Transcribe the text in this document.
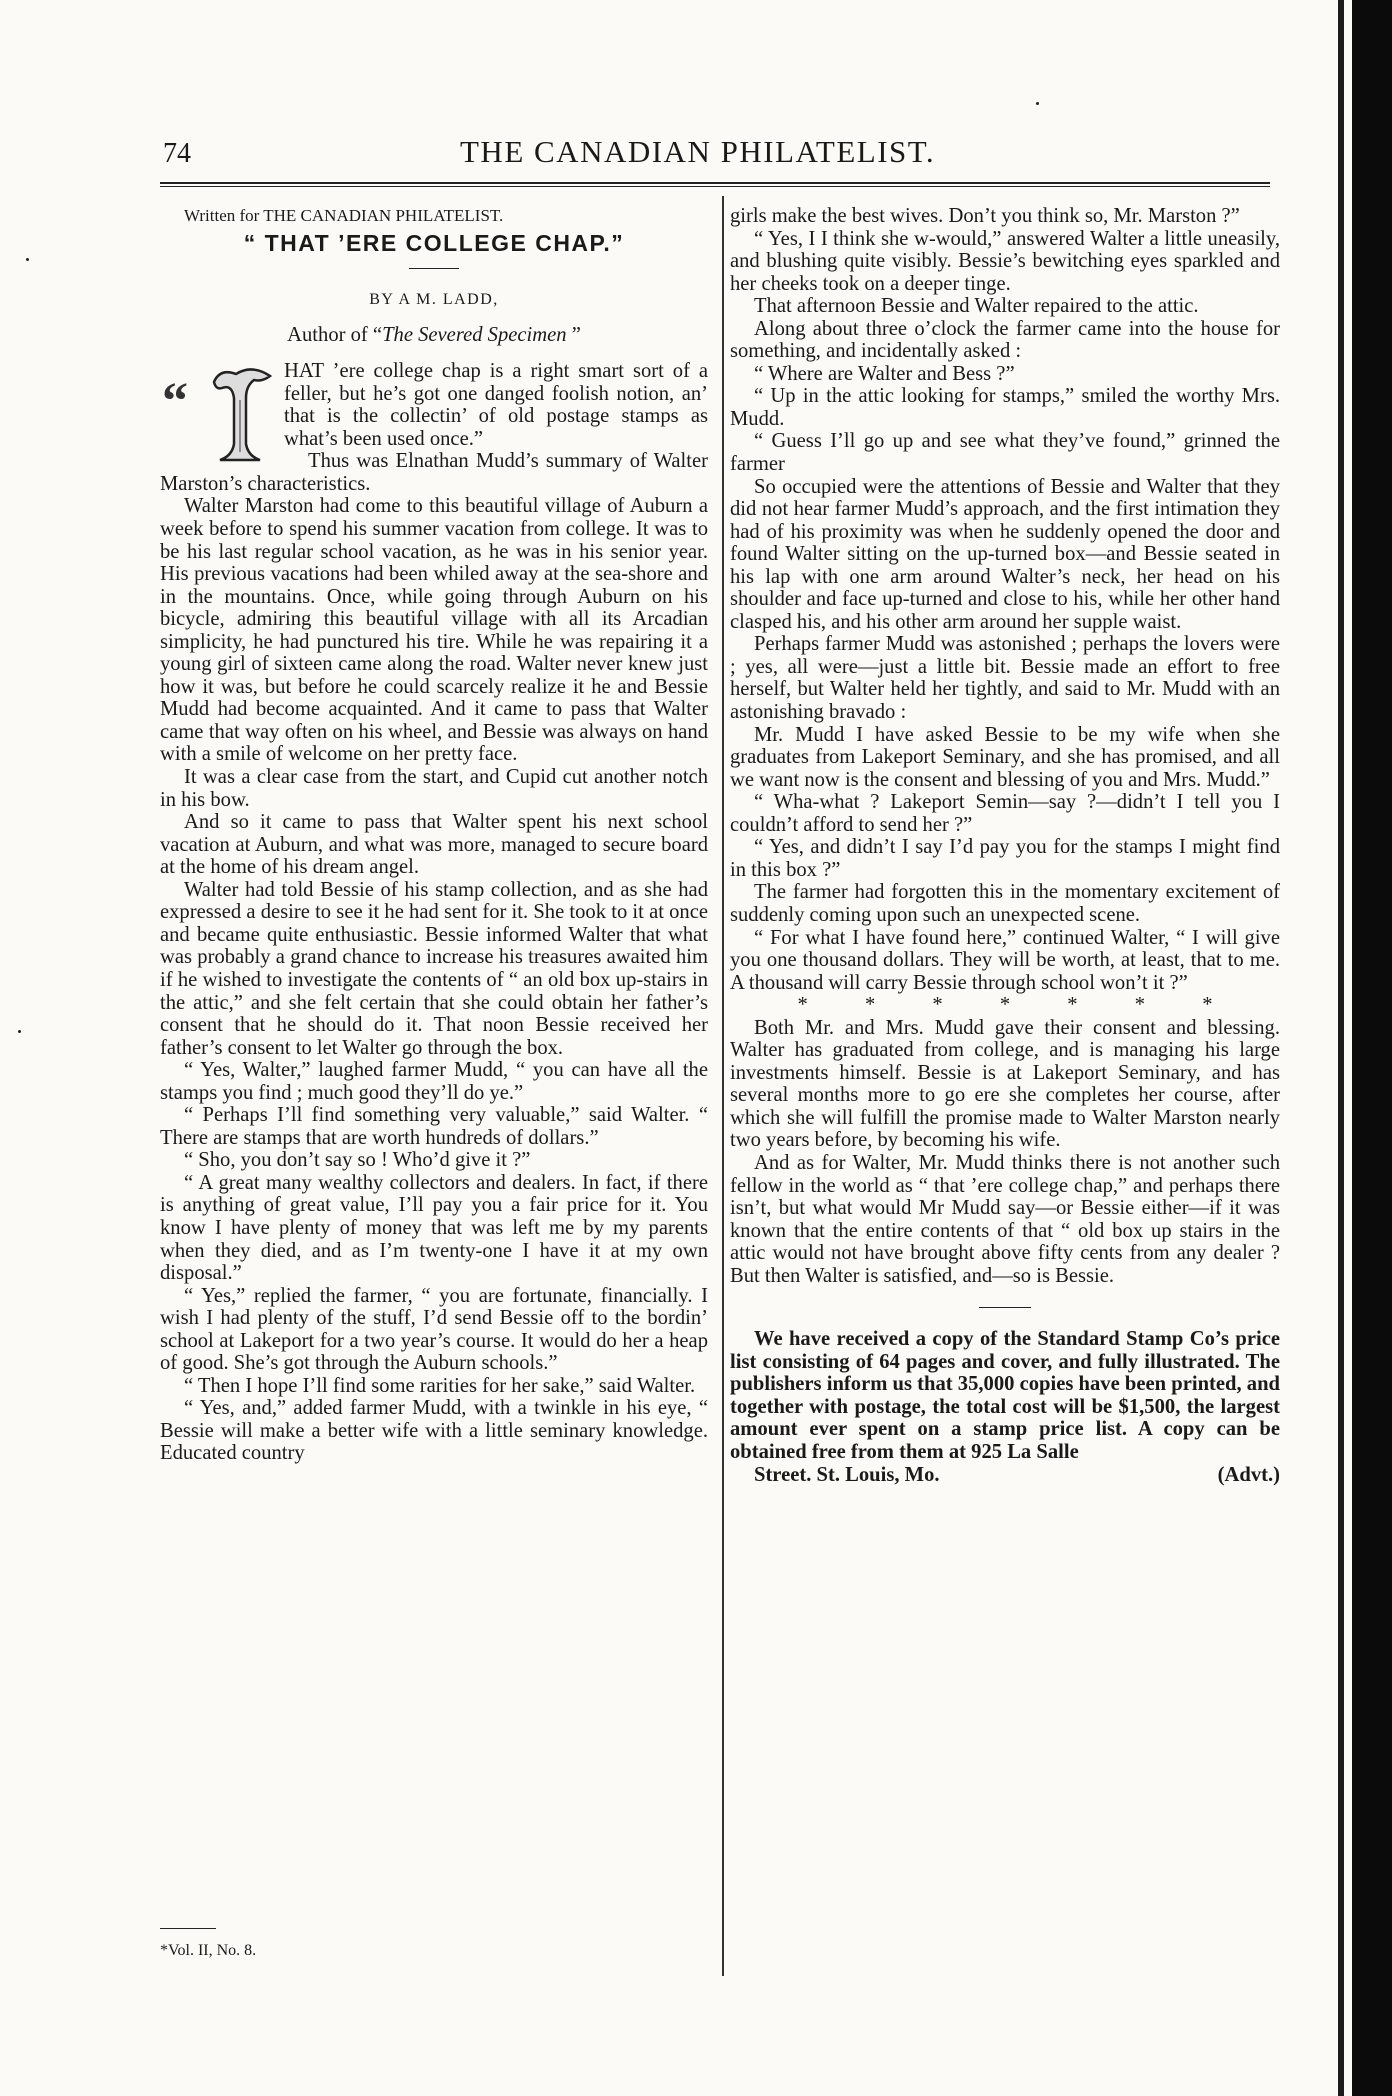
74	THE CANADIAN PHILATELIST.

Written for THE CANADIAN PHILATELIST.

“ THAT ’ERE COLLEGE CHAP.”
BY A M. LADD,
Author of “The Severed Specimen ”
“

HAT ’ere college chap is a right smart sort of a feller, but he’s got one danged foolish notion, an’ that is the collectin’ of old postage stamps as what’s been used once.”

Thus was Elnathan Mudd’s summary of Walter Marston’s characteristics.

Walter Marston had come to this beautiful village of Auburn a week before to spend his summer vacation from college. It was to be his last regular school vacation, as he was in his senior year. His previous vacations had been whiled away at the sea-shore and in the mountains. Once, while going through Auburn on his bicycle, admiring this beautiful village with all its Arcadian simplicity, he had punctured his tire. While he was repairing it a young girl of sixteen came along the road. Walter never knew just how it was, but before he could scarcely realize it he and Bessie Mudd had become acquainted. And it came to pass that Walter came that way often on his wheel, and Bessie was always on hand with a smile of welcome on her pretty face.

It was a clear case from the start, and Cupid cut another notch in his bow.

And so it came to pass that Walter spent his next school vacation at Auburn, and what was more, managed to secure board at the home of his dream angel.

Walter had told Bessie of his stamp collection, and as she had expressed a desire to see it he had sent for it. She took to it at once and became quite enthusiastic. Bessie informed Walter that what was probably a grand chance to increase his treasures awaited him if he wished to investigate the contents of “ an old box up-stairs in the attic,” and she felt certain that she could obtain her father’s consent that he should do it. That noon Bessie received her father’s consent to let Walter go through the box.

“ Yes, Walter,” laughed farmer Mudd, “ you can have all the stamps you find ; much good they’ll do ye.”

“ Perhaps I’ll find something very valuable,” said Walter. “ There are stamps that are worth hundreds of dollars.”

“ Sho, you don’t say so ! Who’d give it ?”

“ A great many wealthy collectors and dealers. In fact, if there is anything of great value, I’ll pay you a fair price for it. You know I have plenty of money that was left me by my parents when they died, and as I’m twenty-one I have it at my own disposal.”

“ Yes,” replied the farmer, “ you are fortunate, financially. I wish I had plenty of the stuff, I’d send Bessie off to the bordin’ school at Lakeport for a two year’s course. It would do her a heap of good. She’s got through the Auburn schools.”

“ Then I hope I’ll find some rarities for her sake,” said Walter.

“ Yes, and,” added farmer Mudd, with a twinkle in his eye, “ Bessie will make a better wife with a little seminary knowledge. Educated country

girls make the best wives. Don’t you think so, Mr. Marston ?”

“ Yes, I I think she w-would,” answered Walter a little uneasily, and blushing quite visibly. Bessie’s bewitching eyes sparkled and her cheeks took on a deeper tinge.

That afternoon Bessie and Walter repaired to the attic.

Along about three o’clock the farmer came into the house for something, and incidentally asked :

“ Where are Walter and Bess ?”

“ Up in the attic looking for stamps,” smiled the worthy Mrs. Mudd.

“ Guess I’ll go up and see what they’ve found,” grinned the farmer

So occupied were the attentions of Bessie and Walter that they did not hear farmer Mudd’s approach, and the first intimation they had of his proximity was when he suddenly opened the door and found Walter sitting on the up-turned box—and Bessie seated in his lap with one arm around Walter’s neck, her head on his shoulder and face up-turned and close to his, while her other hand clasped his, and his other arm around her supple waist.

Perhaps farmer Mudd was astonished ; perhaps the lovers were ; yes, all were—just a little bit. Bessie made an effort to free herself, but Walter held her tightly, and said to Mr. Mudd with an astonishing bravado :

Mr. Mudd I have asked Bessie to be my wife when she graduates from Lakeport Seminary, and she has promised, and all we want now is the consent and blessing of you and Mrs. Mudd.”

“ Wha-what ? Lakeport Semin—say ?—didn’t I tell you I couldn’t afford to send her ?”

“ Yes, and didn’t I say I’d pay you for the stamps I might find in this box ?”

The farmer had forgotten this in the momentary excitement of suddenly coming upon such an unexpected scene.

“ For what I have found here,” continued Walter, “ I will give you one thousand dollars. They will be worth, at least, that to me. A thousand will carry Bessie through school won’t it ?”

* * * * * * *

Both Mr. and Mrs. Mudd gave their consent and blessing. Walter has graduated from college, and is managing his large investments himself. Bessie is at Lakeport Seminary, and has several months more to go ere she completes her course, after which she will fulfill the promise made to Walter Marston nearly two years before, by becoming his wife.

And as for Walter, Mr. Mudd thinks there is not another such fellow in the world as “ that ’ere college chap,” and perhaps there isn’t, but what would Mr Mudd say—or Bessie either—if it was known that the entire contents of that “ old box up stairs in the attic would not have brought above fifty cents from any dealer ? But then Walter is satisfied, and—so is Bessie.

We have received a copy of the Standard Stamp Co’s price list consisting of 64 pages and cover, and fully illustrated. The publishers inform us that 35,000 copies have been printed, and together with postage, the total cost will be $1,500, the largest amount ever spent on a stamp price list. A copy can be obtained free from them at 925 La Salle

Street. St. Louis, Mo.	(Advt.)

*Vol. II, No. 8.
